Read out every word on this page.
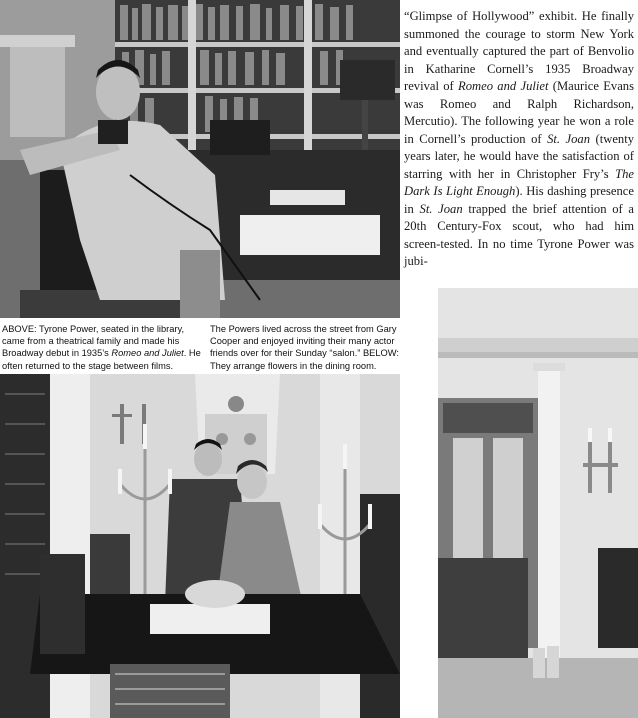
“Glimpse of Hollywood” exhibit. He finally summoned the courage to storm New York and eventually captured the part of Benvolio in Katharine Cornell’s 1935 Broadway revival of Romeo and Juliet (Maurice Evans was Romeo and Ralph Richardson, Mercutio). The following year he won a role in Cornell’s production of St. Joan (twenty years later, he would have the satisfaction of starring with her in Christopher Fry’s The Dark Is Light Enough). His dashing presence in St. Joan trapped the brief attention of a 20th Century-Fox scout, who had him screen-tested. In no time Tyrone Power was jubi-
ABOVE: Tyrone Power, seated in the library, came from a theatrical family and made his Broadway debut in 1935’s Romeo and Juliet. He often returned to the stage between films.
The Powers lived across the street from Gary Cooper and enjoyed inviting their many actor friends over for their Sunday “salon.” BELOW: They arrange flowers in the dining room.
